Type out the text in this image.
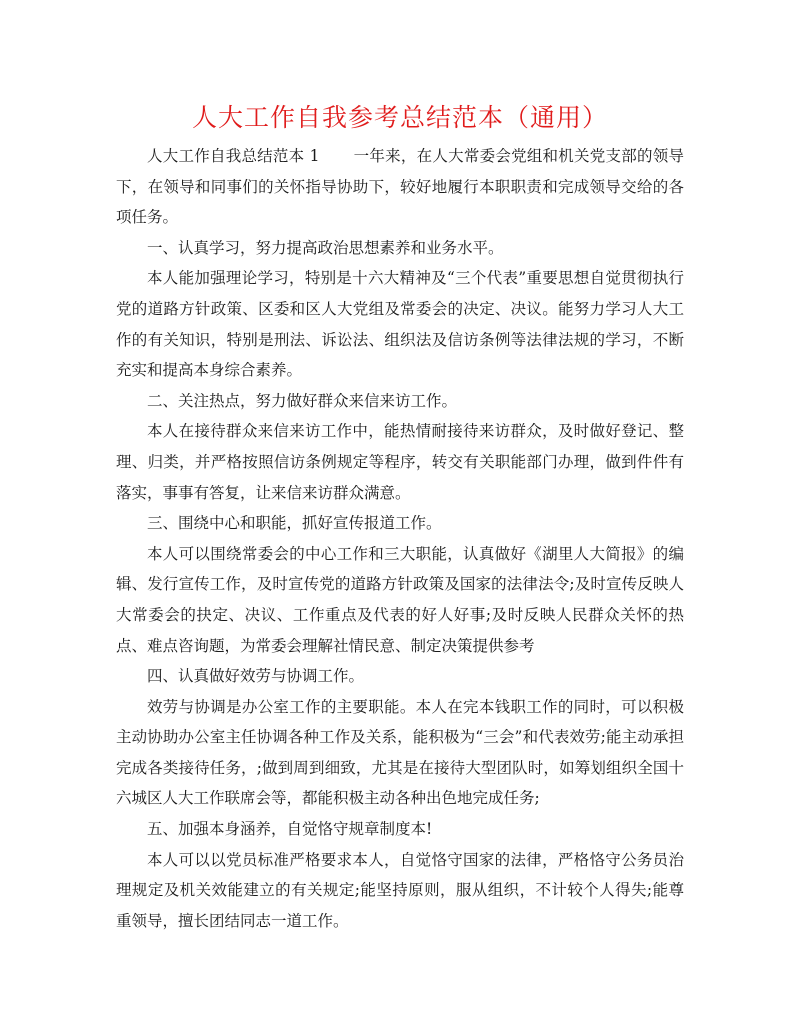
人大工作自我参考总结范本（通用）

人大工作自我总结范本 1 一年来，在人大常委会党组和机关党支部的领导下，在领导和同事们的关怀指导协助下，较好地履行本职职责和完成领导交给的各项任务。

一、认真学习，努力提高政治思想素养和业务水平。

本人能加强理论学习，特别是十六大精神及“三个代表”重要思想自觉贯彻执行党的道路方针政策、区委和区人大党组及常委会的决定、决议。能努力学习人大工作的有关知识，特别是刑法、诉讼法、组织法及信访条例等法律法规的学习，不断充实和提高本身综合素养。

二、关注热点，努力做好群众来信来访工作。

本人在接待群众来信来访工作中，能热情耐接待来访群众，及时做好登记、整理、归类，并严格按照信访条例规定等程序，转交有关职能部门办理，做到件件有落实，事事有答复，让来信来访群众满意。

三、围绕中心和职能，抓好宣传报道工作。

本人可以围绕常委会的中心工作和三大职能，认真做好《湖里人大简报》的编辑、发行宣传工作，及时宣传党的道路方针政策及国家的法律法令;及时宣传反映人大常委会的抉定、决议、工作重点及代表的好人好事;及时反映人民群众关怀的热点、难点咨询题，为常委会理解社情民意、制定决策提供参考

四、认真做好效劳与协调工作。

效劳与协调是办公室工作的主要职能。本人在完本钱职工作的同时，可以积极主动协助办公室主任协调各种工作及关系，能积极为“三会”和代表效劳;能主动承担完成各类接待任务，;做到周到细致，尤其是在接待大型团队时，如筹划组织全国十六城区人大工作联席会等，都能积极主动各种出色地完成任务;

五、加强本身涵养，自觉恪守规章制度本!

本人可以以党员标准严格要求本人，自觉恪守国家的法律，严格恪守公务员治理规定及机关效能建立的有关规定;能坚持原则，服从组织，不计较个人得失;能尊重领导，擅长团结同志一道工作。
